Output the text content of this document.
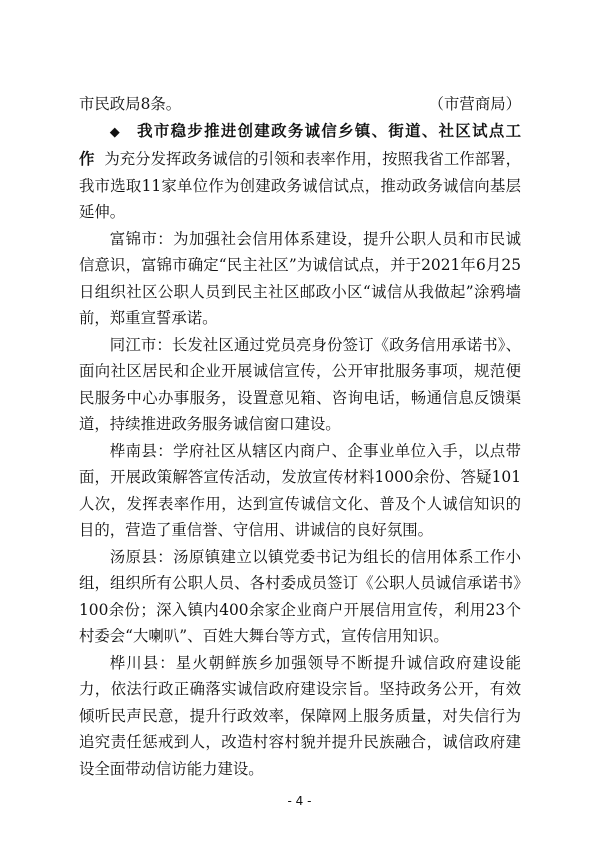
市民政局8条。	（市营商局）

◆ 我市稳步推进创建政务诚信乡镇、街道、社区试点工作 为充分发挥政务诚信的引领和表率作用，按照我省工作部署，我市选取11家单位作为创建政务诚信试点，推动政务诚信向基层延伸。

富锦市：为加强社会信用体系建设，提升公职人员和市民诚信意识，富锦市确定“民主社区”为诚信试点，并于2021年6月25日组织社区公职人员到民主社区邮政小区“诚信从我做起”涂鸦墙前，郑重宣誓承诺。

同江市：长发社区通过党员亮身份签订《政务信用承诺书》、面向社区居民和企业开展诚信宣传，公开审批服务事项，规范便民服务中心办事服务，设置意见箱、咨询电话，畅通信息反馈渠道，持续推进政务服务诚信窗口建设。

桦南县：学府社区从辖区内商户、企事业单位入手，以点带面，开展政策解答宣传活动，发放宣传材料1000余份、答疑101人次，发挥表率作用，达到宣传诚信文化、普及个人诚信知识的目的，营造了重信誉、守信用、讲诚信的良好氛围。

汤原县：汤原镇建立以镇党委书记为组长的信用体系工作小组，组织所有公职人员、各村委成员签订《公职人员诚信承诺书》100余份；深入镇内400余家企业商户开展信用宣传，利用23个村委会“大喇叭”、百姓大舞台等方式，宣传信用知识。

桦川县：星火朝鲜族乡加强领导不断提升诚信政府建设能力，依法行政正确落实诚信政府建设宗旨。坚持政务公开，有效倾听民声民意，提升行政效率，保障网上服务质量，对失信行为追究责任惩戒到人，改造村容村貌并提升民族融合，诚信政府建设全面带动信访能力建设。

- 4 -
